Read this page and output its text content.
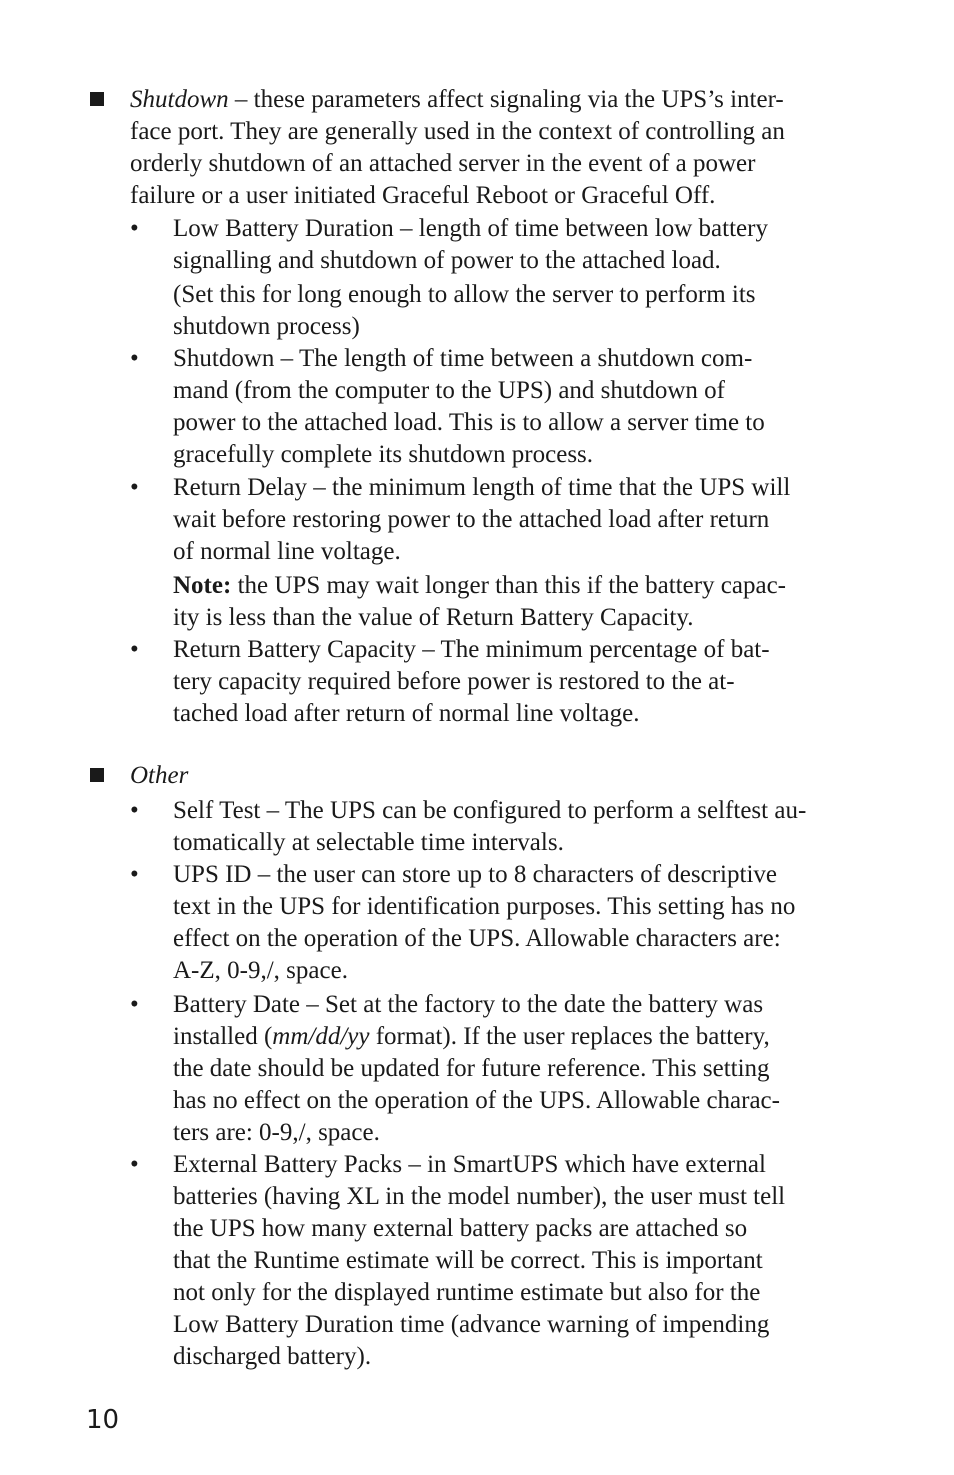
Shutdown – these parameters affect signaling via the UPS’s inter-
face port. They are generally used in the context of controlling an
orderly shutdown of an attached server in the event of a power
failure or a user initiated Graceful Reboot or Graceful Off.
•	Low Battery Duration – length of time between low battery
signalling and shutdown of power to the attached load.
(Set this for long enough to allow the server to perform its
shutdown process)
•	Shutdown – The length of time between a shutdown com-
mand (from the computer to the UPS) and shutdown of
power to the attached load. This is to allow a server time to
gracefully complete its shutdown process.
•	Return Delay – the minimum length of time that the UPS will
wait before restoring power to the attached load after return
of normal line voltage.
Note: the UPS may wait longer than this if the battery capac-
ity is less than the value of Return Battery Capacity.
•	Return Battery Capacity – The minimum percentage of bat-
tery capacity required before power is restored to the at-
tached load after return of normal line voltage.
Other
•	Self Test – The UPS can be configured to perform a selftest au-
tomatically at selectable time intervals.
•	UPS ID – the user can store up to 8 characters of descriptive
text in the UPS for identification purposes. This setting has no
effect on the operation of the UPS. Allowable characters are:
A-Z, 0-9,/, space.
•	Battery Date – Set at the factory to the date the battery was
installed (mm/dd/yy format). If the user replaces the battery,
the date should be updated for future reference. This setting
has no effect on the operation of the UPS. Allowable charac-
ters are: 0-9,/, space.
•	External Battery Packs – in SmartUPS which have external
batteries (having XL in the model number), the user must tell
the UPS how many external battery packs are attached so
that the Runtime estimate will be correct. This is important
not only for the displayed runtime estimate but also for the
Low Battery Duration time (advance warning of impending
discharged battery).
10
